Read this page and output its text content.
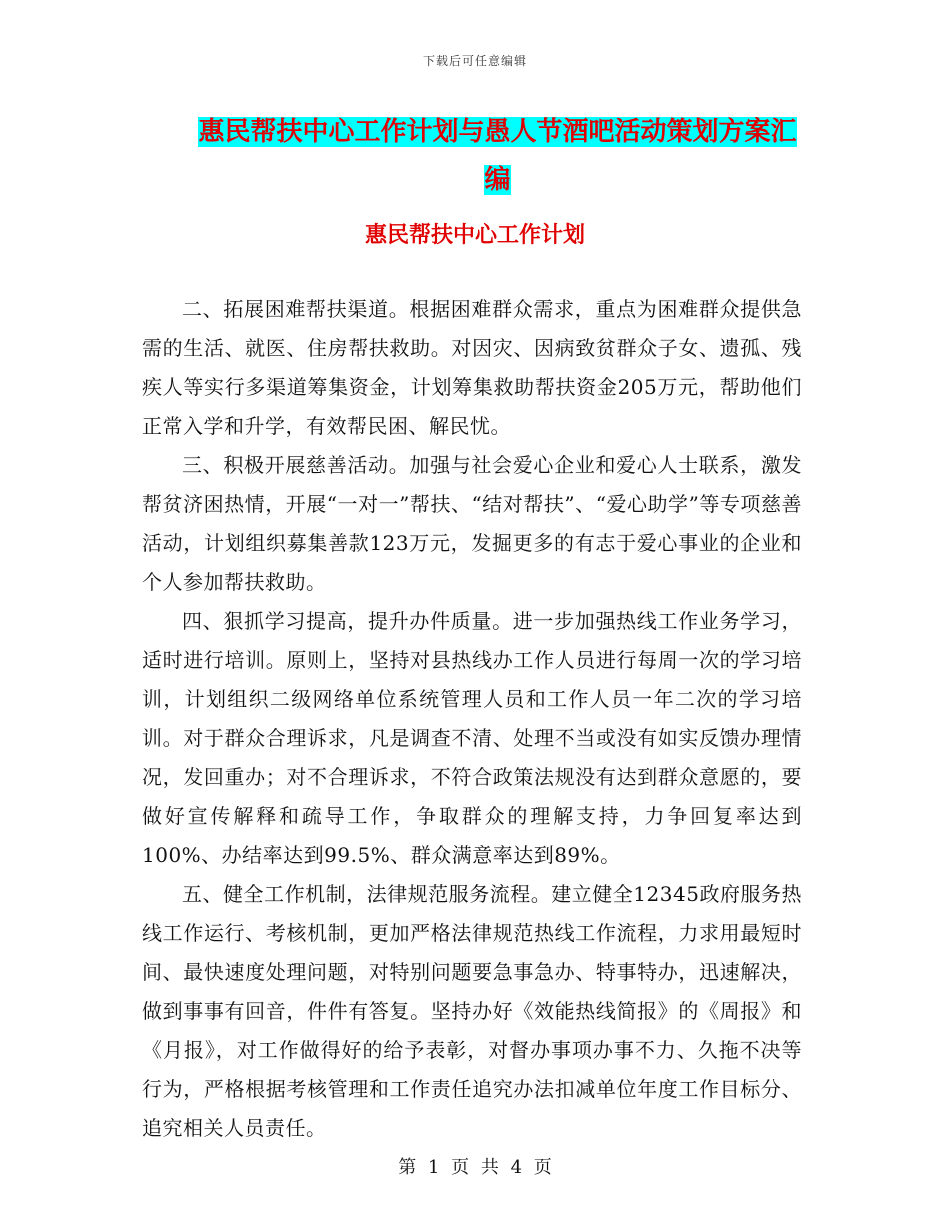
下载后可任意编辑
惠民帮扶中心工作计划与愚人节酒吧活动策划方案汇编
惠民帮扶中心工作计划

二、拓展困难帮扶渠道。根据困难群众需求，重点为困难群众提供急需的生活、就医、住房帮扶救助。对因灾、因病致贫群众子女、遗孤、残疾人等实行多渠道筹集资金，计划筹集救助帮扶资金205万元，帮助他们正常入学和升学，有效帮民困、解民忧。

三、积极开展慈善活动。加强与社会爱心企业和爱心人士联系，激发帮贫济困热情，开展“一对一”帮扶、“结对帮扶”、“爱心助学”等专项慈善活动，计划组织募集善款123万元，发掘更多的有志于爱心事业的企业和个人参加帮扶救助。

四、狠抓学习提高，提升办件质量。进一步加强热线工作业务学习，适时进行培训。原则上，坚持对县热线办工作人员进行每周一次的学习培训，计划组织二级网络单位系统管理人员和工作人员一年二次的学习培训。对于群众合理诉求，凡是调查不清、处理不当或没有如实反馈办理情况，发回重办；对不合理诉求，不符合政策法规没有达到群众意愿的，要做好宣传解释和疏导工作，争取群众的理解支持，力争回复率达到100%、办结率达到99.5%、群众满意率达到89%。

五、健全工作机制，法律规范服务流程。建立健全12345政府服务热线工作运行、考核机制，更加严格法律规范热线工作流程，力求用最短时间、最快速度处理问题，对特别问题要急事急办、特事特办，迅速解决，做到事事有回音，件件有答复。坚持办好《效能热线简报》的《周报》和《月报》，对工作做得好的给予表彰，对督办事项办事不力、久拖不决等行为，严格根据考核管理和工作责任追究办法扣减单位年度工作目标分、追究相关人员责任。

第 1 页 共 4 页
